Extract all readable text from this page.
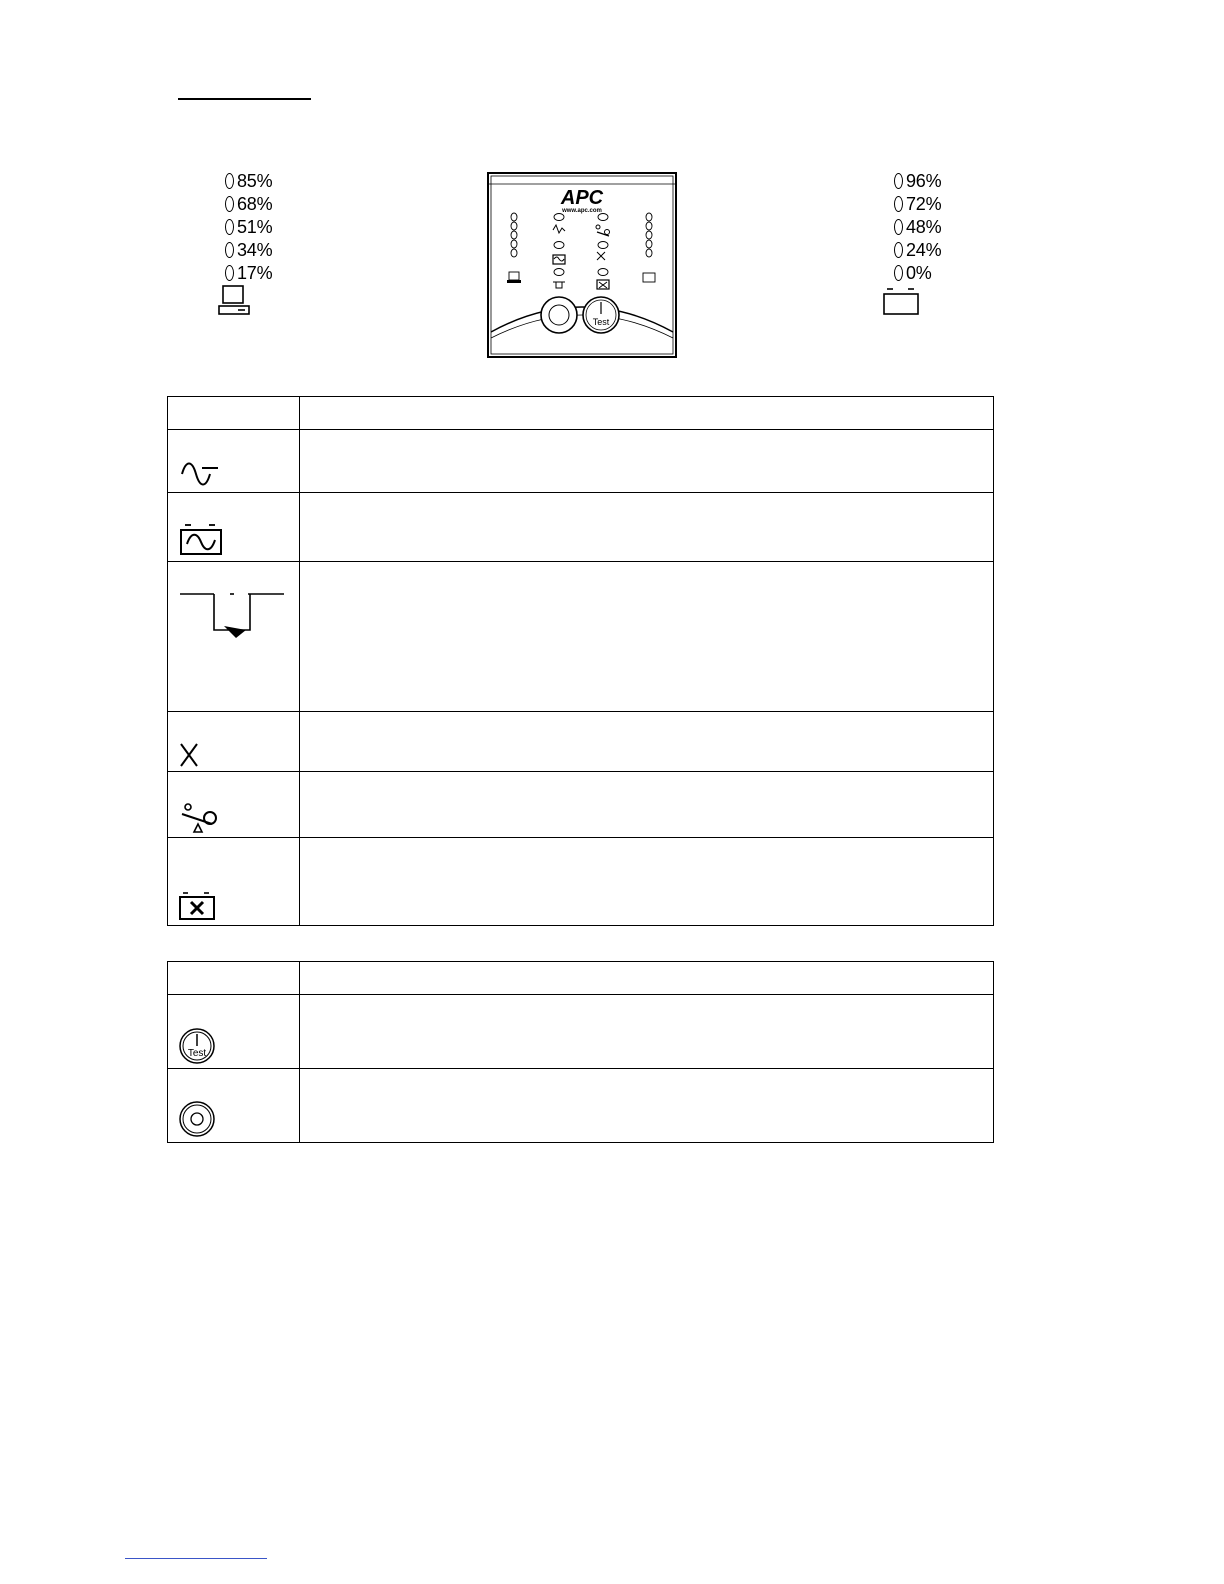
85%
68%
51%
34%
17%
96%
72%
48%
24%
0%
APC
www.apc.com
Test

Test	
